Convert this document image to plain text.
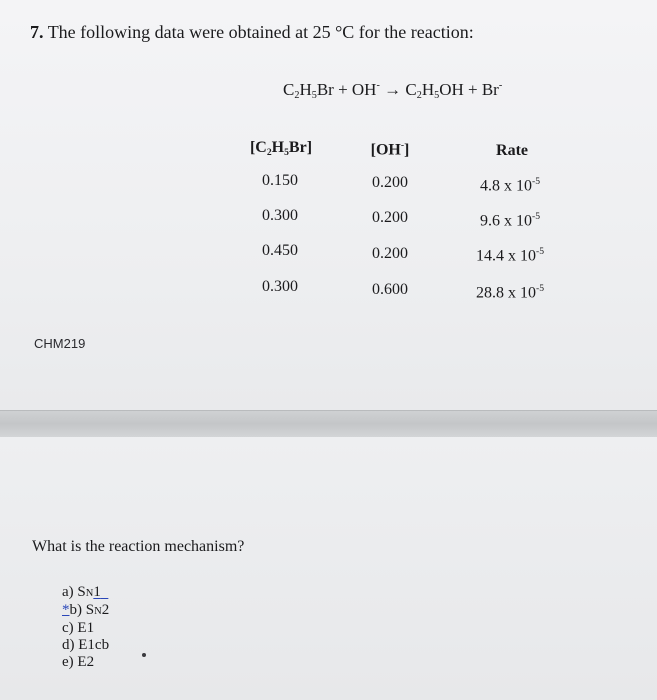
7. The following data were obtained at 25 °C for the reaction:
$C_2H_5Br + OH^- \to C_2H_5OH + Br^-$
$[C_2H_5Br]$	[OH-]	Rate
0.150	0.200	4.8 x $10^{-5}$
0.300	0.200	9.6 x $10^{-5}$
0.450	0.200	14.4 x $10^{-5}$
0.300	0.600	28.8 x $10^{-5}$
CHM219
What is the reaction mechanism?
a) SN1
*b) SN2
c) E1
d) E1cb
e) E2
